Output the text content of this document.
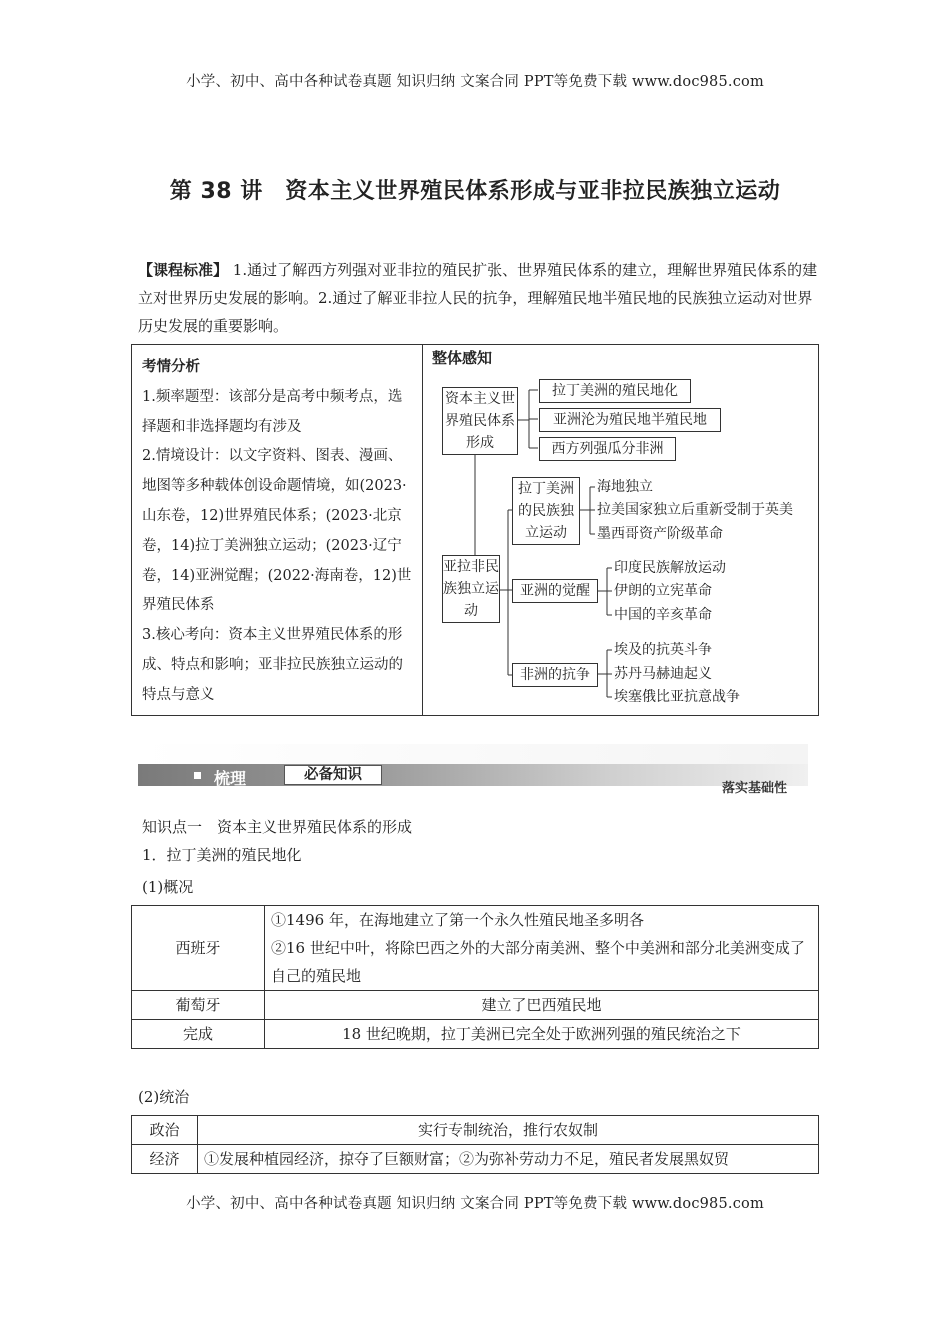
小学、初中、高中各种试卷真题 知识归纳 文案合同 PPT等免费下载 www.doc985.com
第 38 讲　资本主义世界殖民体系形成与亚非拉民族独立运动
【课程标准】 1.通过了解西方列强对亚非拉的殖民扩张、世界殖民体系的建立，理解世界殖民体系的建立对世界历史发展的影响。2.通过了解亚非拉人民的抗争，理解殖民地半殖民地的民族独立运动对世界历史发展的重要影响。
考情分析
1.频率题型：该部分是高考中频考点，选择题和非选择题均有涉及
2.情境设计：以文字资料、图表、漫画、地图等多种载体创设命题情境，如(2023·山东卷，12)世界殖民体系；(2023·北京卷，14)拉丁美洲独立运动；(2023·辽宁卷，14)亚洲觉醒；(2022·海南卷，12)世界殖民体系
3.核心考向：资本主义世界殖民体系的形成、特点和影响；亚非拉民族独立运动的特点与意义
整体感知
资本主义世界殖民体系形成
拉丁美洲的殖民地化
亚洲沦为殖民地半殖民地
西方列强瓜分非洲
亚拉非民族独立运动
拉丁美洲的民族独立运动
亚洲的觉醒
非洲的抗争
海地独立
拉美国家独立后重新受制于英美
墨西哥资产阶级革命
印度民族解放运动
伊朗的立宪革命
中国的辛亥革命
埃及的抗英斗争
苏丹马赫迪起义
埃塞俄比亚抗意战争
梳理	必备知识
落实基础性
知识点一　资本主义世界殖民体系的形成
1．拉丁美洲的殖民地化
(1)概况
西班牙	①1496 年，在海地建立了第一个永久性殖民地圣多明各
②16 世纪中叶，将除巴西之外的大部分南美洲、整个中美洲和部分北美洲变成了自己的殖民地

葡萄牙	建立了巴西殖民地
完成	18 世纪晚期，拉丁美洲已完全处于欧洲列强的殖民统治之下
(2)统治
政治	实行专制统治，推行农奴制
经济	①发展种植园经济，掠夺了巨额财富；②为弥补劳动力不足，殖民者发展黑奴贸
小学、初中、高中各种试卷真题 知识归纳 文案合同 PPT等免费下载 www.doc985.com
